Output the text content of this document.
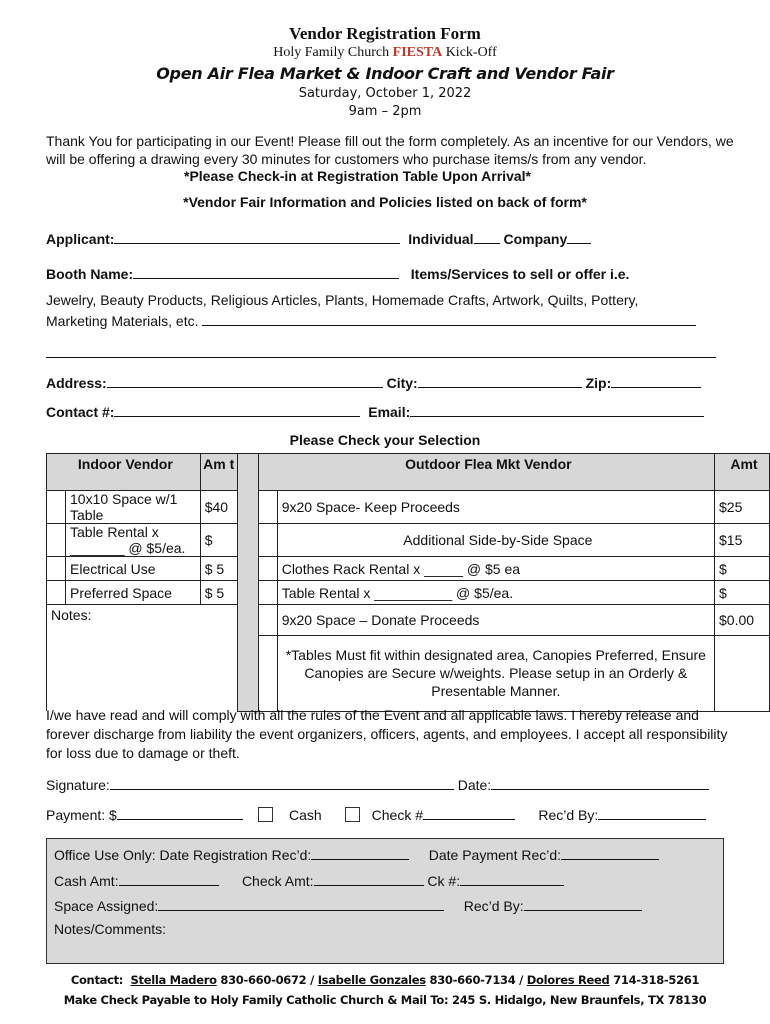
Vendor Registration Form
Holy Family Church FIESTA Kick-Off
Open Air Flea Market & Indoor Craft and Vendor Fair
Saturday, October 1, 2022
9am – 2pm
Thank You for participating in our Event! Please fill out the form completely. As an incentive for our Vendors, we will be offering a drawing every 30 minutes for customers who purchase items/s from any vendor.
*Please Check-in at Registration Table Upon Arrival*
*Vendor Fair Information and Policies listed on back of form*
Applicant:	Individual Company
Booth Name:	Items/Services to sell or offer i.e.
Jewelry, Beauty Products, Religious Articles, Plants, Homemade Crafts, Artwork, Quilts, Pottery,
Marketing Materials, etc.
Address:	City:	Zip:
Contact #:	Email:
Please Check your Selection
Indoor Vendor		Am t		Outdoor Flea Mkt Vendor		Amt
	10x10 Space w/1 Table	$40			9x20 Space- Keep Proceeds	$25
	Table Rental x _______ @ $5/ea.	$			Additional Side-by-Side Space	$15
	Electrical Use	$ 5			Clothes Rack Rental x _____ @ $5 ea	$
	Preferred Space	$ 5			Table Rental x __________ @ $5/ea.	$
Notes:					9x20 Space – Donate Proceeds	$0.00
					*Tables Must fit within designated area, Canopies Preferred, Ensure Canopies are Secure w/weights. Please setup in an Orderly & Presentable Manner.	
I/we have read and will comply with all the rules of the Event and all applicable laws. I hereby release and forever discharge from liability the event organizers, officers, agents, and employees. I accept all responsibility for loss due to damage or theft.
Signature:	Date:
Payment: $	Cash	Check #	Rec’d By:
Office Use Only: Date Registration Rec’d:	Date Payment Rec’d:
Cash Amt:	Check Amt:	Ck #:
Space Assigned:	Rec’d By:
Notes/Comments:
Contact: Stella Madero 830-660-0672 / Isabelle Gonzales 830-660-7134 / Dolores Reed 714-318-5261
Make Check Payable to Holy Family Catholic Church & Mail To: 245 S. Hidalgo, New Braunfels, TX 78130
